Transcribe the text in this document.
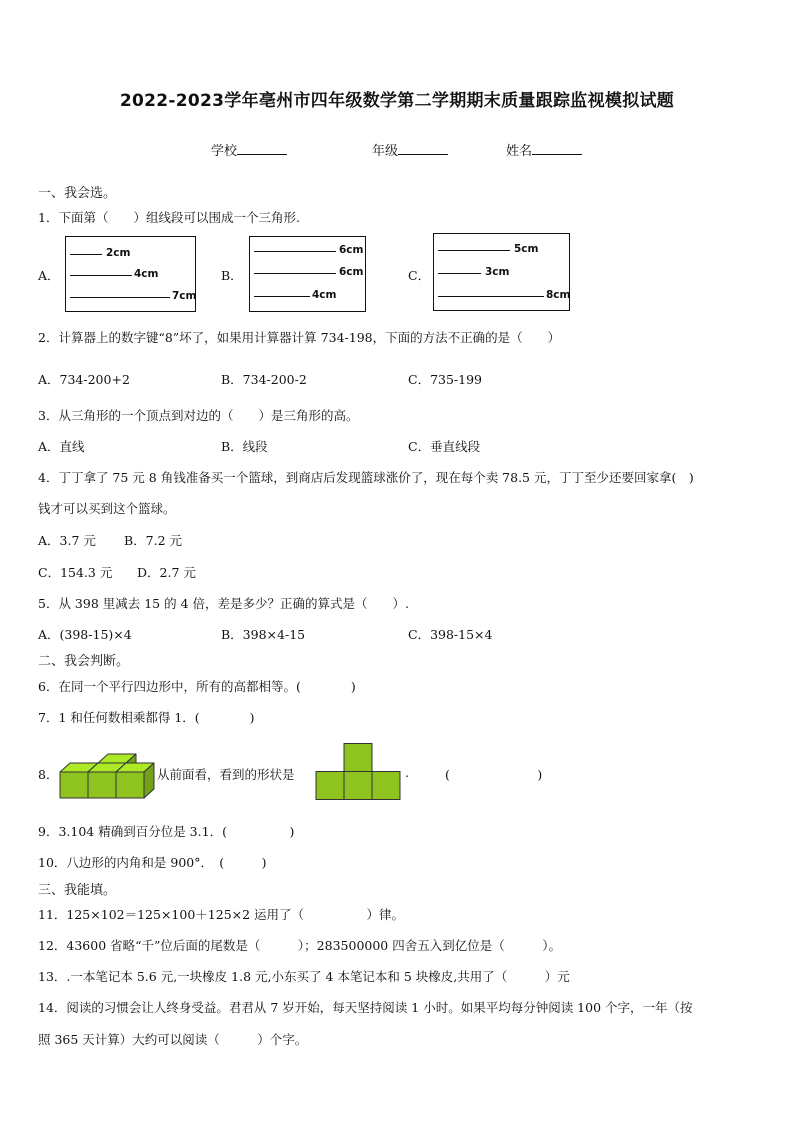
2022-2023学年亳州市四年级数学第二学期期末质量跟踪监视模拟试题
学校	年级	姓名
一、我会选。
1．下面第（　　）组线段可以围成一个三角形.
A．
2cm
4cm
7cm
B．
6cm
6cm
4cm
C．
5cm
3cm
8cm
2．计算器上的数字键“8”坏了，如果用计算器计算 734-198，下面的方法不正确的是（　　）
A．734-200+2	B．734-200-2	C．735-199
3．从三角形的一个顶点到对边的（　　）是三角形的高。
A．直线	B．线段	C．垂直线段
4．丁丁拿了 75 元 8 角钱准备买一个篮球，到商店后发现篮球涨价了，现在每个卖 78.5 元，丁丁至少还要回家拿(　)
钱才可以买到这个篮球。
A．3.7 元 B．7.2 元
C．154.3 元 D．2.7 元
5．从 398 里减去 15 的 4 倍，差是多少？正确的算式是（　　）.
A．(398-15)×4	B．398×4-15	C．398-15×4
二、我会判断。
6．在同一个平行四边形中，所有的高都相等。(　　　　)
7．1 和任何数相乘都得 1．(　　　　)
8．	从前面看，看到的形状是	.	(　　　　　　　)
9．3.104 精确到百分位是 3.1．(　　　　　)
10．八边形的内角和是 900°．　(　　　)
三、我能填。
11．125×102＝125×100＋125×2 运用了（　　　　　）律。
12．43600 省略“千”位后面的尾数是（　　　）；283500000 四舍五入到亿位是（　　　）。
13．.一本笔记本 5.6 元,一块橡皮 1.8 元,小东买了 4 本笔记本和 5 块橡皮,共用了（　　　）元
14．阅读的习惯会让人终身受益。君君从 7 岁开始，每天坚持阅读 1 小时。如果平均每分钟阅读 100 个字，一年（按
照 365 天计算）大约可以阅读（　　　）个字。
